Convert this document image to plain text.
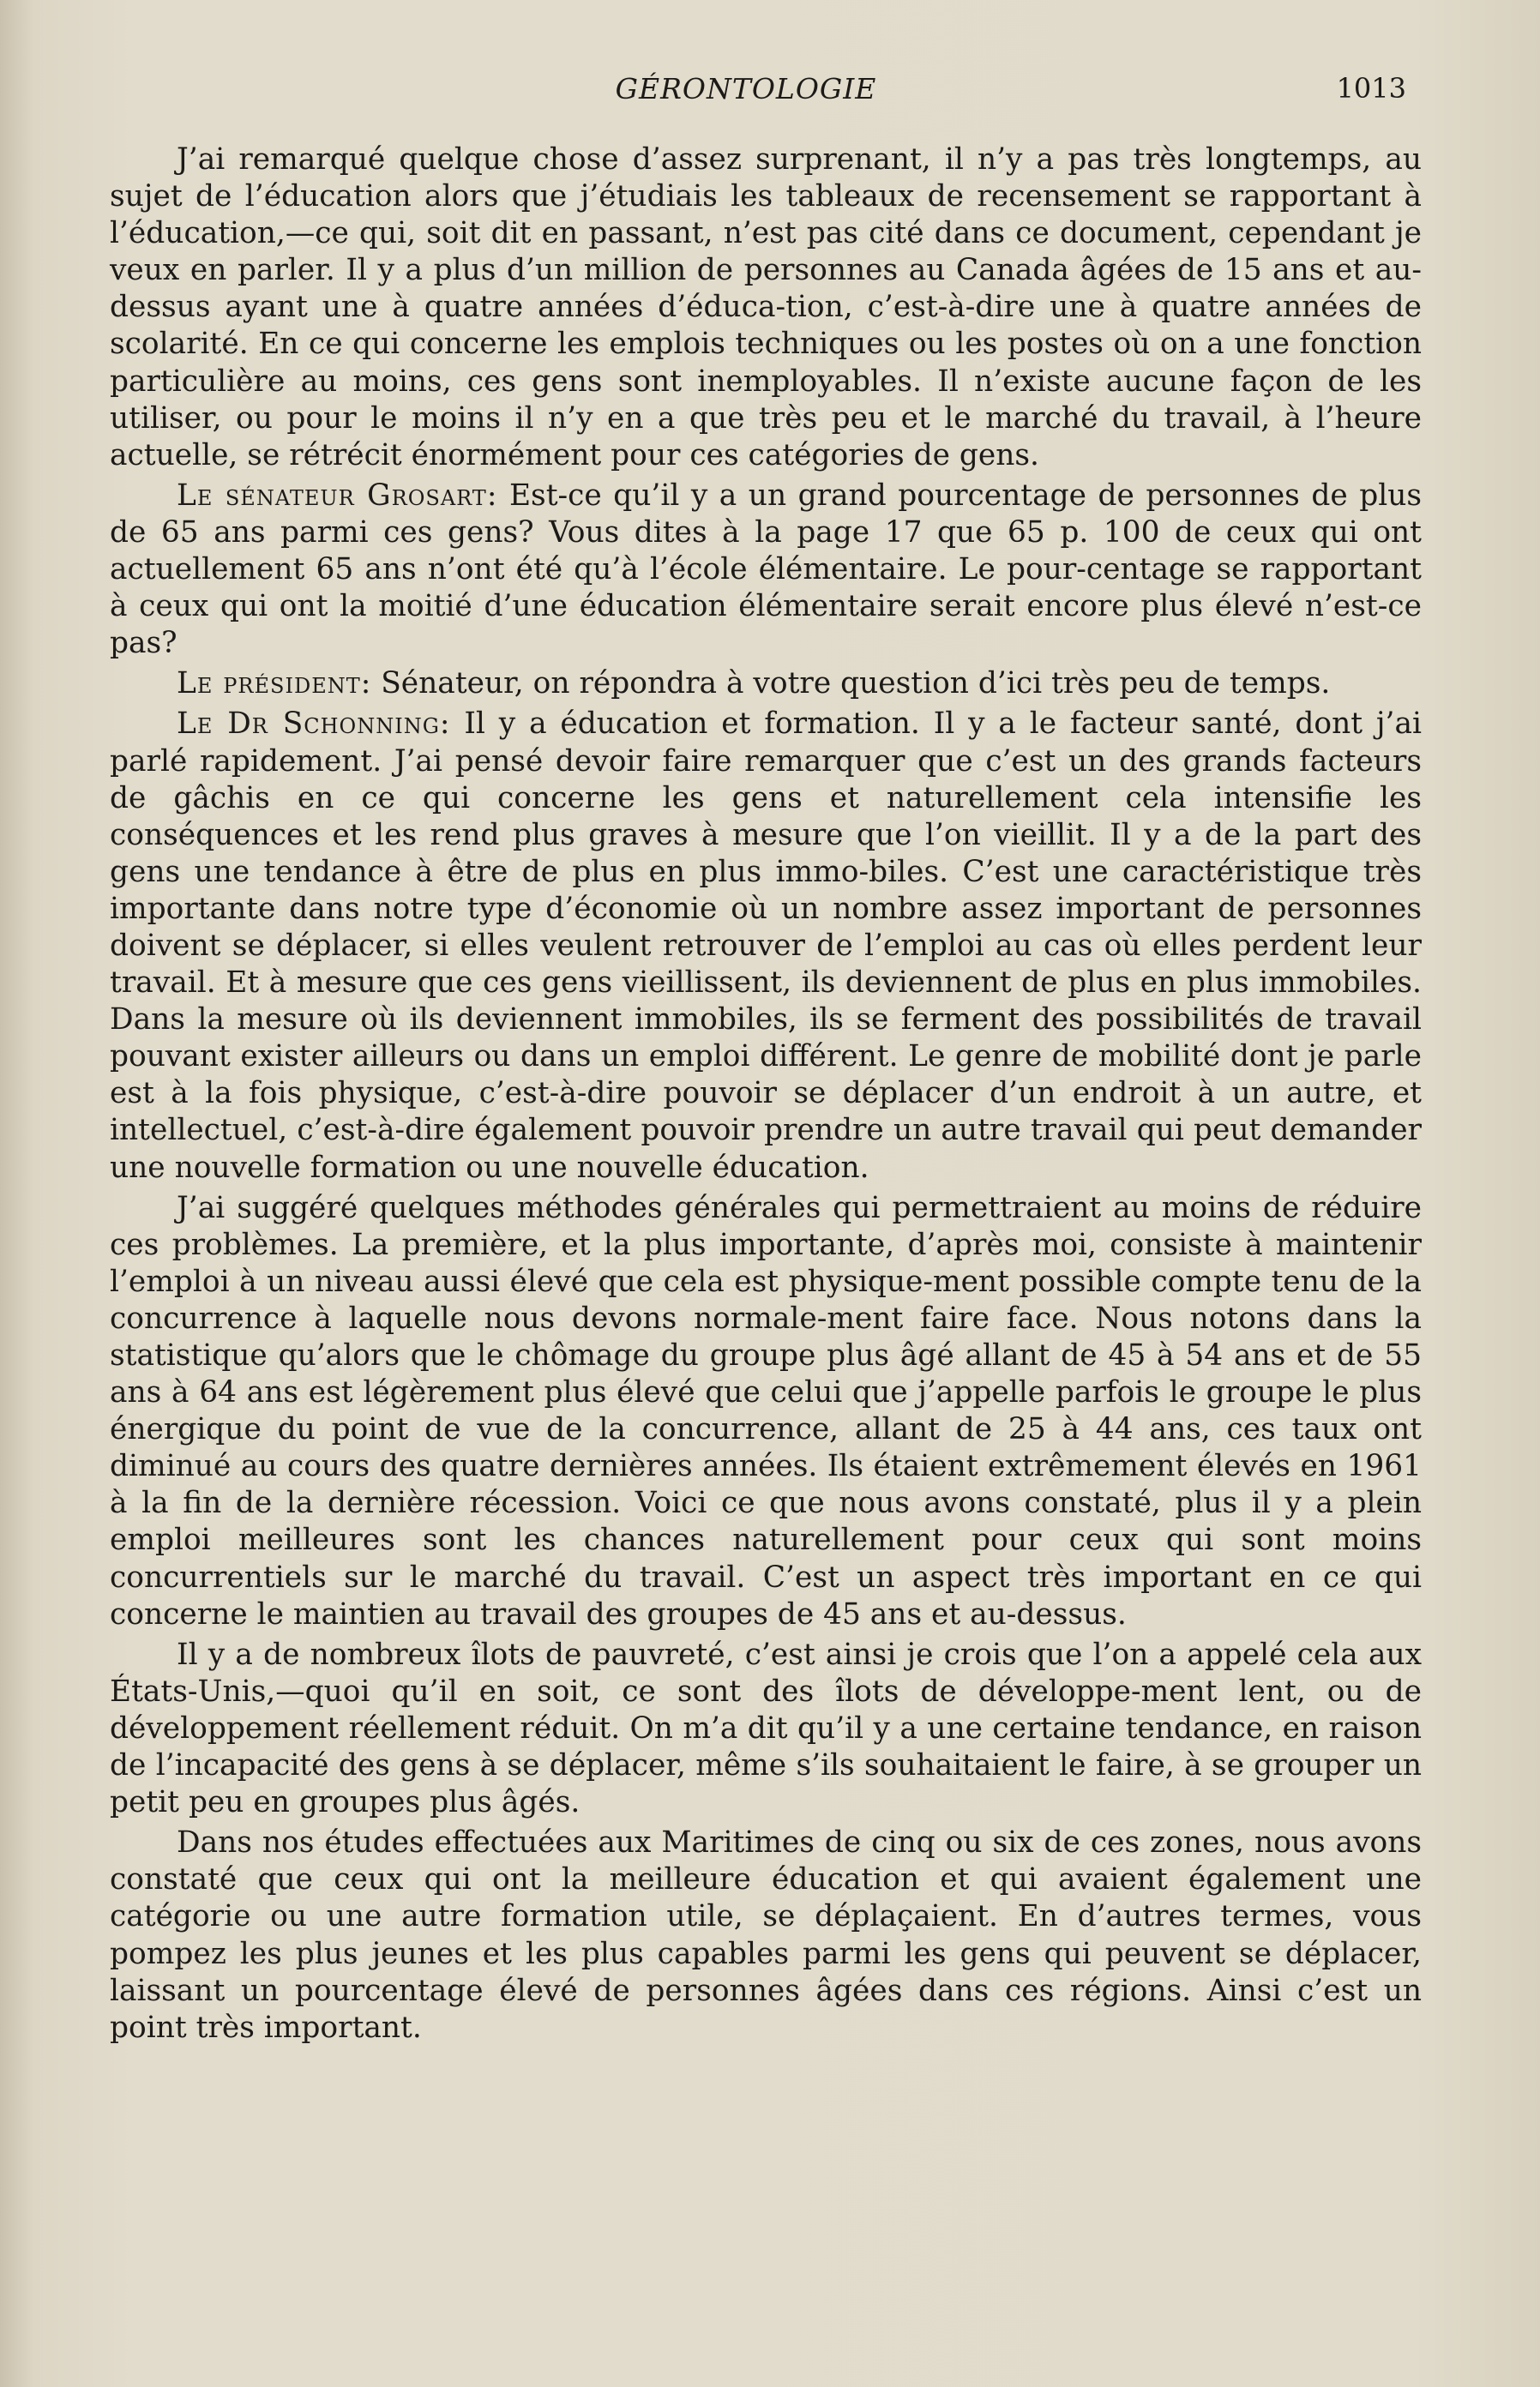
GÉRONTOLOGIE	1013

J’ai remarqué quelque chose d’assez surprenant, il n’y a pas très longtemps, au sujet de l’éducation alors que j’étudiais les tableaux de recensement se rapportant à l’éducation,—ce qui, soit dit en passant, n’est pas cité dans ce document, cependant je veux en parler. Il y a plus d’un million de personnes au Canada âgées de 15 ans et au-dessus ayant une à quatre années d’éduca-tion, c’est-à-dire une à quatre années de scolarité. En ce qui concerne les emplois techniques ou les postes où on a une fonction particulière au moins, ces gens sont inemployables. Il n’existe aucune façon de les utiliser, ou pour le moins il n’y en a que très peu et le marché du travail, à l’heure actuelle, se rétrécit énormément pour ces catégories de gens.

Le sénateur Grosart: Est-ce qu’il y a un grand pourcentage de personnes de plus de 65 ans parmi ces gens? Vous dites à la page 17 que 65 p. 100 de ceux qui ont actuellement 65 ans n’ont été qu’à l’école élémentaire. Le pour-centage se rapportant à ceux qui ont la moitié d’une éducation élémentaire serait encore plus élevé n’est-ce pas?

Le président: Sénateur, on répondra à votre question d’ici très peu de temps.

Le Dr Schonning: Il y a éducation et formation. Il y a le facteur santé, dont j’ai parlé rapidement. J’ai pensé devoir faire remarquer que c’est un des grands facteurs de gâchis en ce qui concerne les gens et naturellement cela intensifie les conséquences et les rend plus graves à mesure que l’on vieillit. Il y a de la part des gens une tendance à être de plus en plus immo-biles. C’est une caractéristique très importante dans notre type d’économie où un nombre assez important de personnes doivent se déplacer, si elles veulent retrouver de l’emploi au cas où elles perdent leur travail. Et à mesure que ces gens vieillissent, ils deviennent de plus en plus immobiles. Dans la mesure où ils deviennent immobiles, ils se ferment des possibilités de travail pouvant exister ailleurs ou dans un emploi différent. Le genre de mobilité dont je parle est à la fois physique, c’est-à-dire pouvoir se déplacer d’un endroit à un autre, et intellectuel, c’est-à-dire également pouvoir prendre un autre travail qui peut demander une nouvelle formation ou une nouvelle éducation.

J’ai suggéré quelques méthodes générales qui permettraient au moins de réduire ces problèmes. La première, et la plus importante, d’après moi, consiste à maintenir l’emploi à un niveau aussi élevé que cela est physique-ment possible compte tenu de la concurrence à laquelle nous devons normale-ment faire face. Nous notons dans la statistique qu’alors que le chômage du groupe plus âgé allant de 45 à 54 ans et de 55 ans à 64 ans est légèrement plus élevé que celui que j’appelle parfois le groupe le plus énergique du point de vue de la concurrence, allant de 25 à 44 ans, ces taux ont diminué au cours des quatre dernières années. Ils étaient extrêmement élevés en 1961 à la fin de la dernière récession. Voici ce que nous avons constaté, plus il y a plein emploi meilleures sont les chances naturellement pour ceux qui sont moins concurrentiels sur le marché du travail. C’est un aspect très important en ce qui concerne le maintien au travail des groupes de 45 ans et au-dessus.

Il y a de nombreux îlots de pauvreté, c’est ainsi je crois que l’on a appelé cela aux États-Unis,—quoi qu’il en soit, ce sont des îlots de développe-ment lent, ou de développement réellement réduit. On m’a dit qu’il y a une certaine tendance, en raison de l’incapacité des gens à se déplacer, même s’ils souhaitaient le faire, à se grouper un petit peu en groupes plus âgés.

Dans nos études effectuées aux Maritimes de cinq ou six de ces zones, nous avons constaté que ceux qui ont la meilleure éducation et qui avaient également une catégorie ou une autre formation utile, se déplaçaient. En d’autres termes, vous pompez les plus jeunes et les plus capables parmi les gens qui peuvent se déplacer, laissant un pourcentage élevé de personnes âgées dans ces régions. Ainsi c’est un point très important.
